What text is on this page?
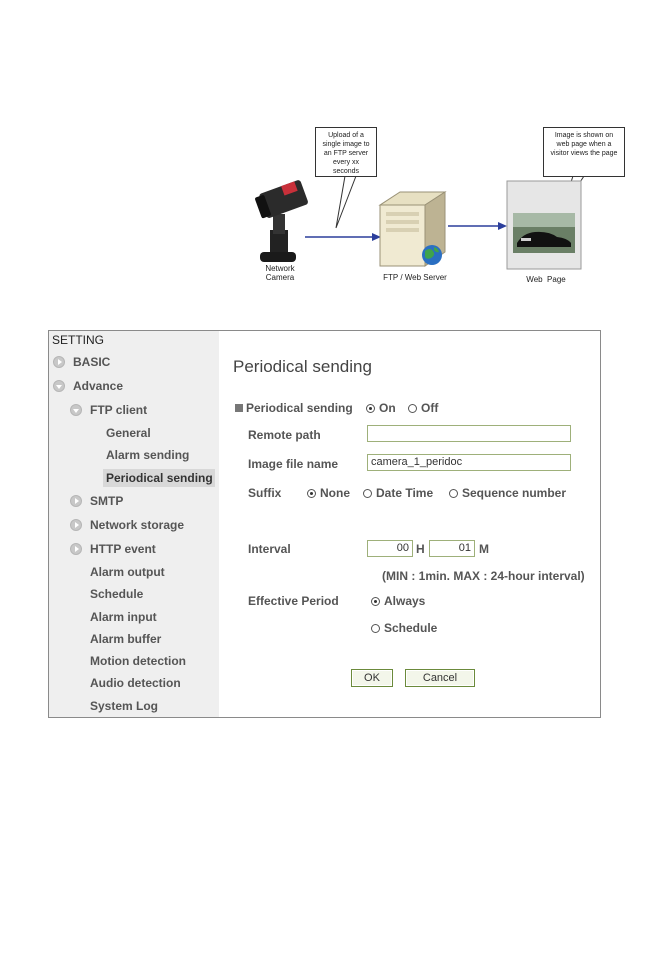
Upload of a single image to an FTP server every xx seconds
Image is shown on web page when a visitor views the page
Network Camera	FTP / Web Server	Web  Page
SETTING
BASIC
Advance
FTP client
General
Alarm sending
Periodical sending
SMTP
Network storage
HTTP event
Alarm output
Schedule
Alarm input
Alarm buffer
Motion detection
Audio detection
System Log
Periodical sending
Periodical sending	On	Off
Remote path
Image file name	camera_1_peridoc
Suffix	None	Date Time	Sequence number
Interval	00 H	01 M
(MIN : 1min. MAX : 24-hour interval)
Effective Period	Always
Schedule
OK	Cancel
